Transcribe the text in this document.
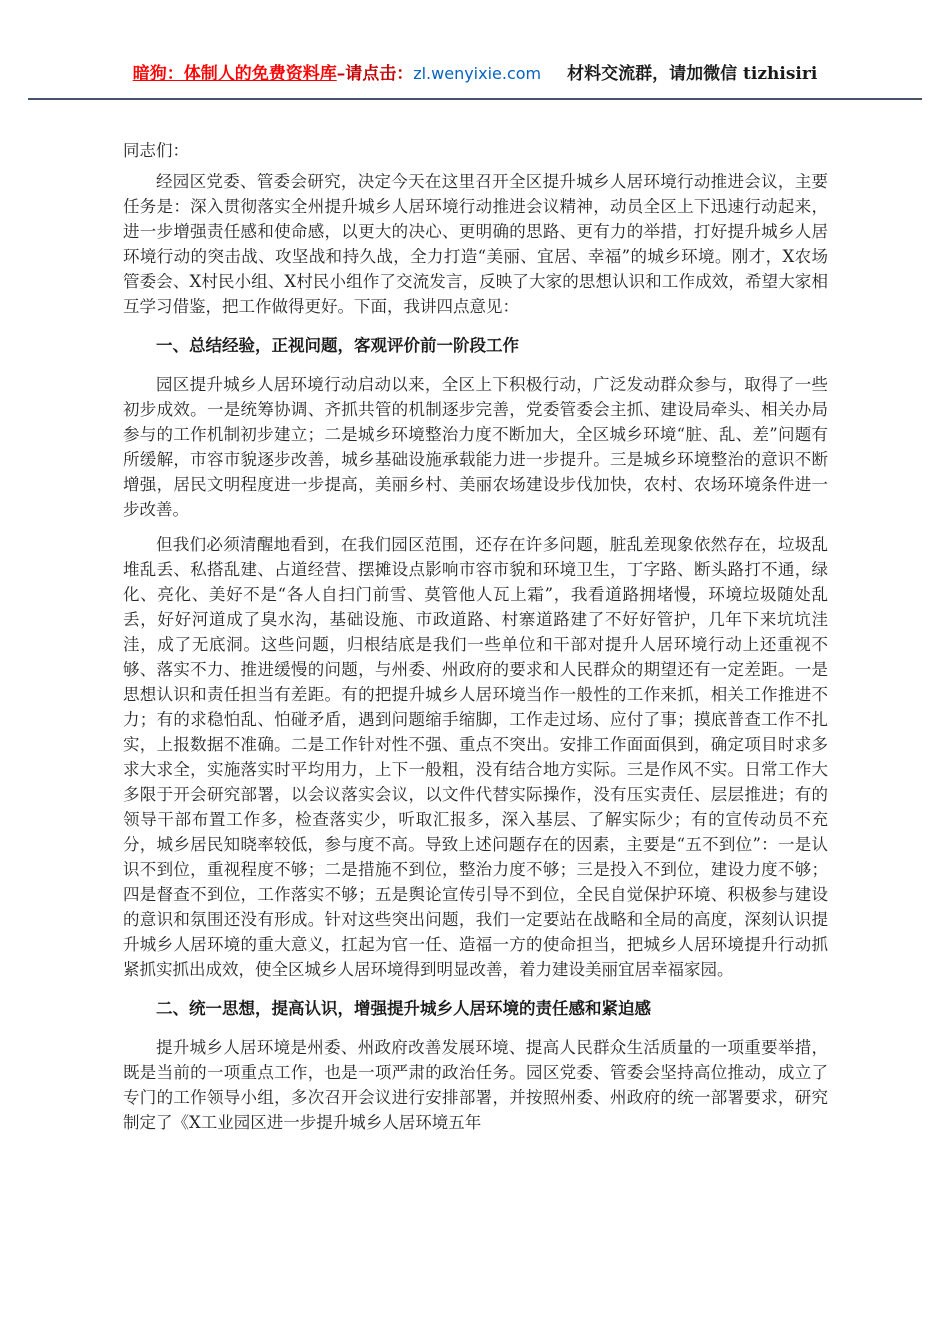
暗狗：体制人的免费资料库–请点击：zl.wenyixie.com 材料交流群，请加微信 tizhisiri

同志们：

经园区党委、管委会研究，决定今天在这里召开全区提升城乡人居环境行动推进会议，主要任务是：深入贯彻落实全州提升城乡人居环境行动推进会议精神，动员全区上下迅速行动起来，进一步增强责任感和使命感，以更大的决心、更明确的思路、更有力的举措，打好提升城乡人居环境行动的突击战、攻坚战和持久战，全力打造“美丽、宜居、幸福”的城乡环境。刚才，X农场管委会、X村民小组、X村民小组作了交流发言，反映了大家的思想认识和工作成效，希望大家相互学习借鉴，把工作做得更好。下面，我讲四点意见：

一、总结经验，正视问题，客观评价前一阶段工作

园区提升城乡人居环境行动启动以来，全区上下积极行动，广泛发动群众参与，取得了一些初步成效。一是统筹协调、齐抓共管的机制逐步完善，党委管委会主抓、建设局牵头、相关办局参与的工作机制初步建立；二是城乡环境整治力度不断加大，全区城乡环境“脏、乱、差”问题有所缓解，市容市貌逐步改善，城乡基础设施承载能力进一步提升。三是城乡环境整治的意识不断增强，居民文明程度进一步提高，美丽乡村、美丽农场建设步伐加快，农村、农场环境条件进一步改善。

但我们必须清醒地看到，在我们园区范围，还存在许多问题，脏乱差现象依然存在，垃圾乱堆乱丢、私搭乱建、占道经营、摆摊设点影响市容市貌和环境卫生，丁字路、断头路打不通，绿化、亮化、美好不是“各人自扫门前雪、莫管他人瓦上霜”，我看道路拥堵慢，环境垃圾随处乱丢，好好河道成了臭水沟，基础设施、市政道路、村寨道路建了不好好管护，几年下来坑坑洼洼，成了无底洞。这些问题，归根结底是我们一些单位和干部对提升人居环境行动上还重视不够、落实不力、推进缓慢的问题，与州委、州政府的要求和人民群众的期望还有一定差距。一是思想认识和责任担当有差距。有的把提升城乡人居环境当作一般性的工作来抓，相关工作推进不力；有的求稳怕乱、怕碰矛盾，遇到问题缩手缩脚，工作走过场、应付了事；摸底普查工作不扎实，上报数据不准确。二是工作针对性不强、重点不突出。安排工作面面俱到，确定项目时求多求大求全，实施落实时平均用力，上下一般粗，没有结合地方实际。三是作风不实。日常工作大多限于开会研究部署，以会议落实会议，以文件代替实际操作，没有压实责任、层层推进；有的领导干部布置工作多，检查落实少，听取汇报多，深入基层、了解实际少；有的宣传动员不充分，城乡居民知晓率较低，参与度不高。导致上述问题存在的因素，主要是“五不到位”：一是认识不到位，重视程度不够；二是措施不到位，整治力度不够；三是投入不到位，建设力度不够；四是督查不到位，工作落实不够；五是舆论宣传引导不到位，全民自觉保护环境、积极参与建设的意识和氛围还没有形成。针对这些突出问题，我们一定要站在战略和全局的高度，深刻认识提升城乡人居环境的重大意义，扛起为官一任、造福一方的使命担当，把城乡人居环境提升行动抓紧抓实抓出成效，使全区城乡人居环境得到明显改善，着力建设美丽宜居幸福家园。

二、统一思想，提高认识，增强提升城乡人居环境的责任感和紧迫感

提升城乡人居环境是州委、州政府改善发展环境、提高人民群众生活质量的一项重要举措，既是当前的一项重点工作，也是一项严肃的政治任务。园区党委、管委会坚持高位推动，成立了专门的工作领导小组，多次召开会议进行安排部署，并按照州委、州政府的统一部署要求，研究制定了《X工业园区进一步提升城乡人居环境五年
